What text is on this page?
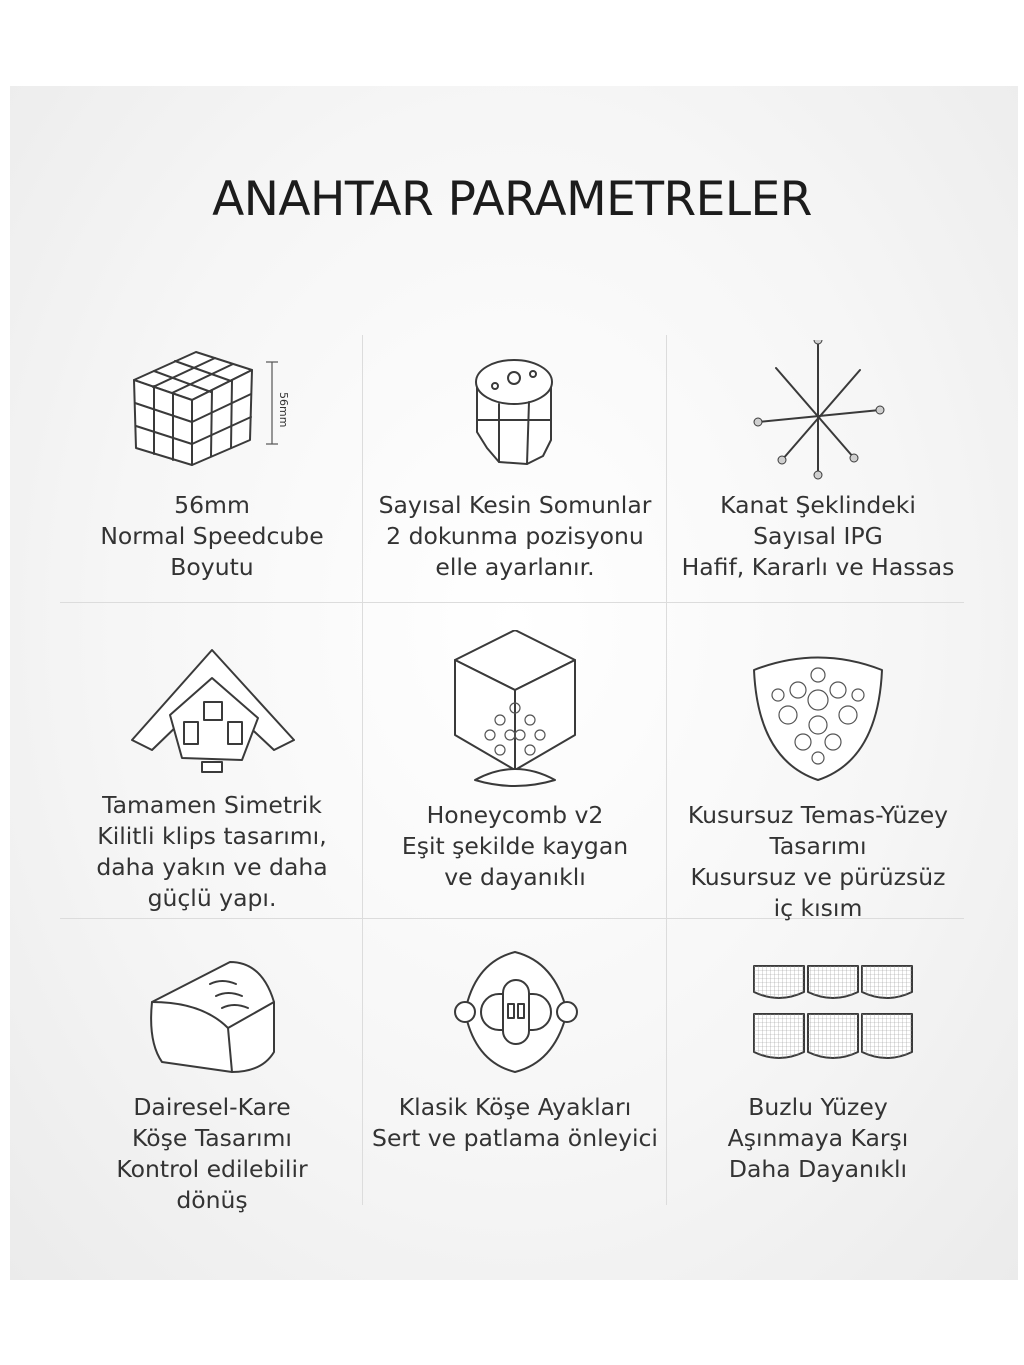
ANAHTAR PARAMETRELER
56mm
56mm
Normal Speedcube
Boyutu
Sayısal Kesin Somunlar
2 dokunma pozisyonu
elle ayarlanır.
Kanat Şeklindeki
Sayısal IPG
Hafif, Kararlı ve Hassas
Tamamen Simetrik
Kilitli klips tasarımı,
daha yakın ve daha
güçlü yapı.
Honeycomb v2
Eşit şekilde kaygan
ve dayanıklı
Kusursuz Temas-Yüzey
Tasarımı
Kusursuz ve pürüzsüz
iç kısım
Dairesel-Kare
Köşe Tasarımı
Kontrol edilebilir
dönüş
Klasik Köşe Ayakları
Sert ve patlama önleyici
Buzlu Yüzey
Aşınmaya Karşı
Daha Dayanıklı
